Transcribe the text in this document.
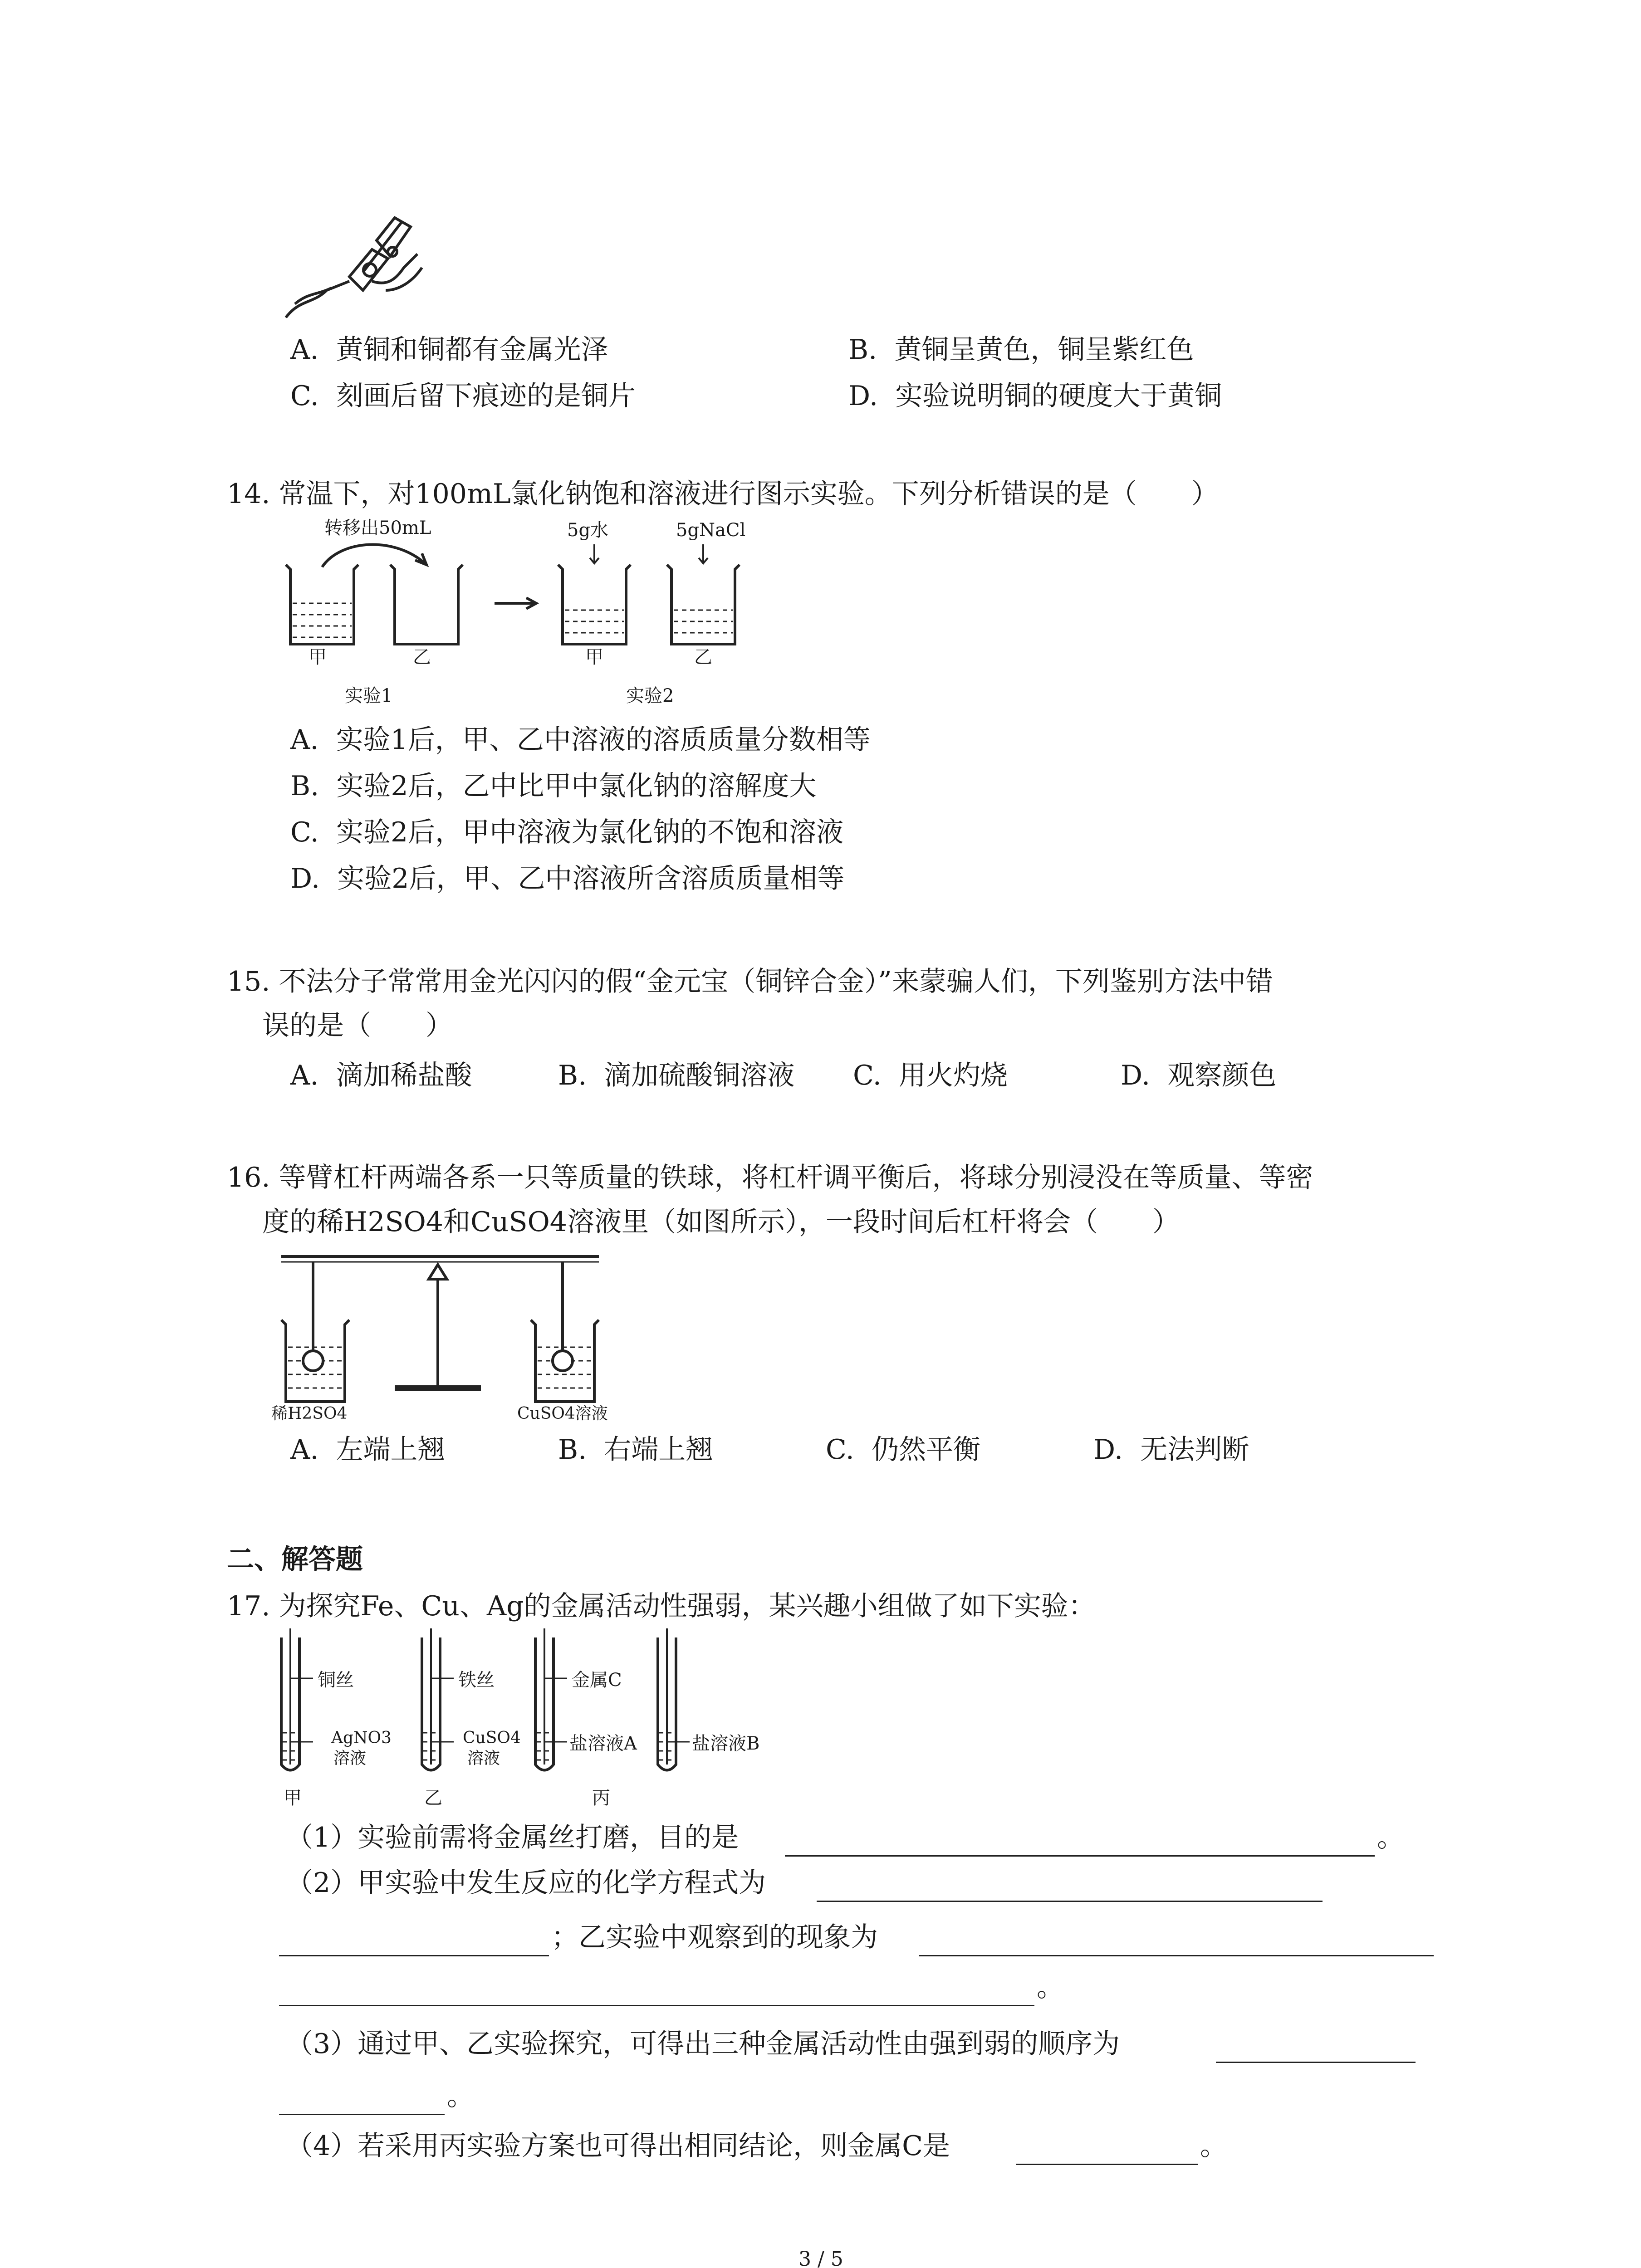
A. 黄铜和铜都有金属光泽	B. 黄铜呈黄色，铜呈紫红色
C. 刻画后留下痕迹的是铜片	D. 实验说明铜的硬度大于黄铜
14. 常温下，对100mL氯化钠饱和溶液进行图示实验。下列分析错误的是（　　）
转移出50mL	5g水	5gNaCl
甲	乙	甲	乙
实验1	实验2
A. 实验1后，甲、乙中溶液的溶质质量分数相等
B. 实验2后，乙中比甲中氯化钠的溶解度大
C. 实验2后，甲中溶液为氯化钠的不饱和溶液
D. 实验2后，甲、乙中溶液所含溶质质量相等
15. 不法分子常常用金光闪闪的假“金元宝（铜锌合金）”来蒙骗人们，下列鉴别方法中错
误的是（　　）
A. 滴加稀盐酸	B. 滴加硫酸铜溶液 C. 用火灼烧	D. 观察颜色
16. 等臂杠杆两端各系一只等质量的铁球，将杠杆调平衡后，将球分别浸没在等质量、等密
度的稀H2SO4和CuSO4溶液里（如图所示），一段时间后杠杆将会（　　）
稀H2SO4	CuSO4溶液
A. 左端上翘	B. 右端上翘	C. 仍然平衡	D. 无法判断
二、解答题
17. 为探究Fe、Cu、Ag的金属活动性强弱，某兴趣小组做了如下实验：
铜丝
AgNO3
溶液
铁丝
CuSO4
溶液
金属C
盐溶液A	盐溶液B
甲	乙	丙
（1）实验前需将金属丝打磨，目的是	。
（2）甲实验中发生反应的化学方程式为
；乙实验中观察到的现象为
。
（3）通过甲、乙实验探究，可得出三种金属活动性由强到弱的顺序为
。
（4）若采用丙实验方案也可得出相同结论，则金属C是	。
3 / 5
